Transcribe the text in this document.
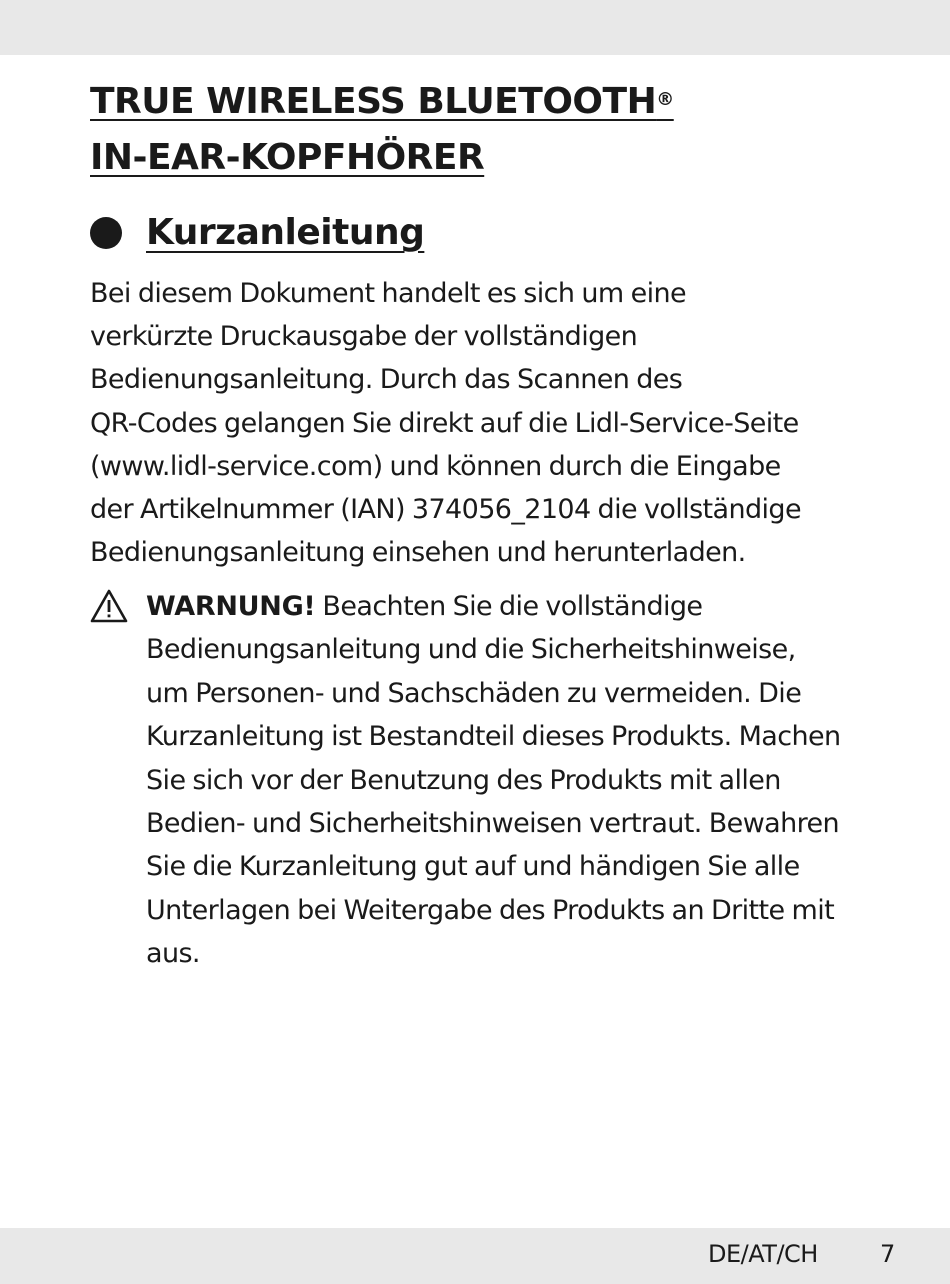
TRUE WIRELESS BLUETOOTH®
IN-EAR-KOPFHÖRER
Kurzanleitung

Bei diesem Dokument handelt es sich um eine
verkürzte Druckausgabe der vollständigen
Bedienungsanleitung. Durch das Scannen des
QR-Codes gelangen Sie direkt auf die Lidl-Service-Seite
(www.lidl-service.com) und können durch die Eingabe
der Artikelnummer (IAN) 374056_2104 die vollständige
Bedienungsanleitung einsehen und herunterladen.

WARNUNG! Beachten Sie die vollständige
Bedienungsanleitung und die Sicherheitshinweise,
um Personen- und Sachschäden zu vermeiden. Die
Kurzanleitung ist Bestandteil dieses Produkts. Machen
Sie sich vor der Benutzung des Produkts mit allen
Bedien- und Sicherheitshinweisen vertraut. Bewahren
Sie die Kurzanleitung gut auf und händigen Sie alle
Unterlagen bei Weitergabe des Produkts an Dritte mit
aus.

DE/AT/CH	7
